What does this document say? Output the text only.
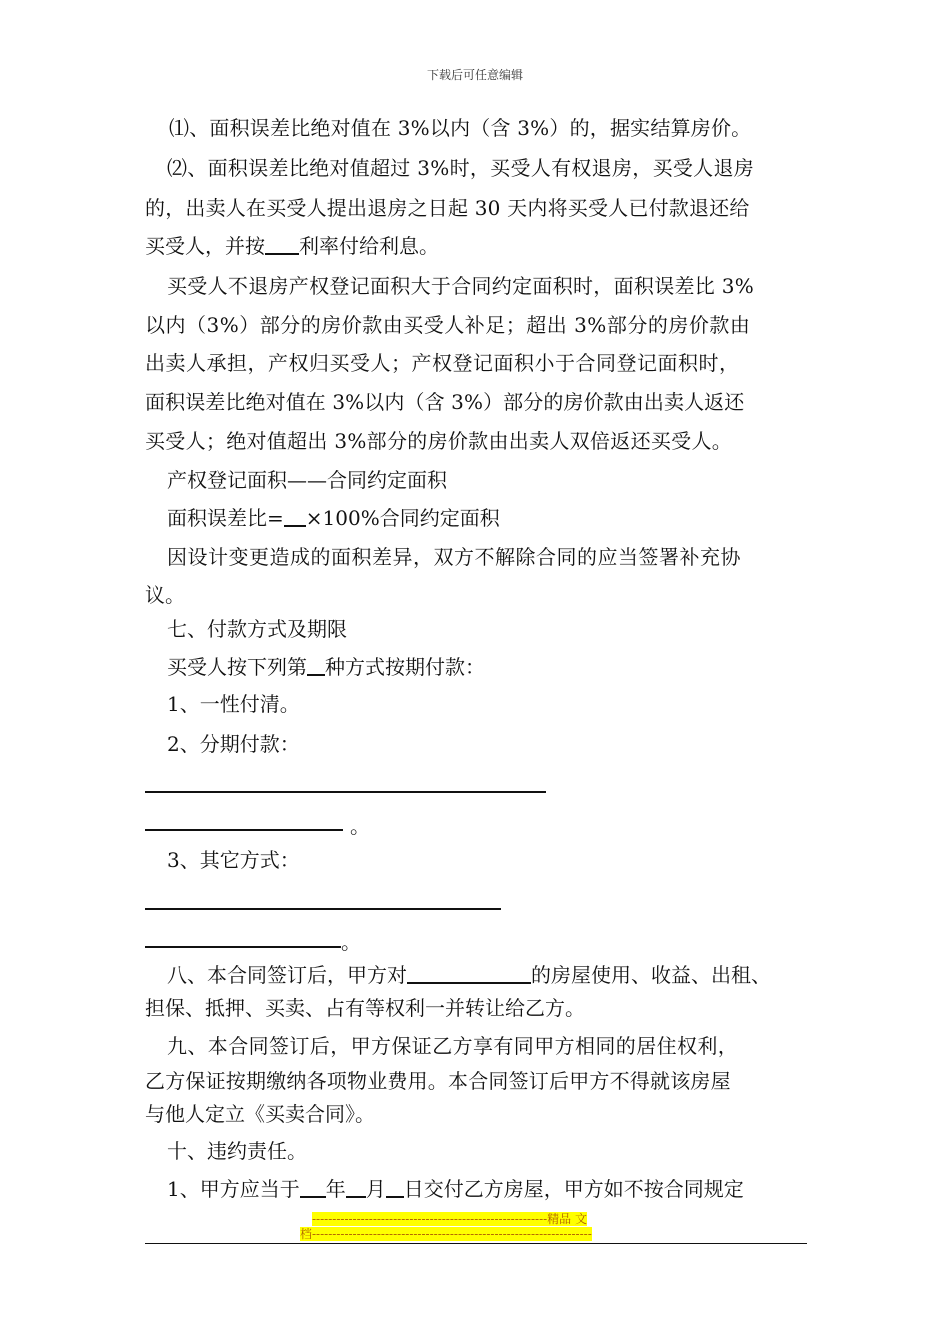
下载后可任意编辑
⑴、面积误差比绝对值在 3%以内（含 3%）的，据实结算房价。
⑵、面积误差比绝对值超过 3%时，买受人有权退房，买受人退房
的，出卖人在买受人提出退房之日起 30 天内将买受人已付款退还给
买受人，并按 利率付给利息。
买受人不退房产权登记面积大于合同约定面积时，面积误差比 3%
以内（3%）部分的房价款由买受人补足；超出 3%部分的房价款由
出卖人承担，产权归买受人；产权登记面积小于合同登记面积时，
面积误差比绝对值在 3%以内（含 3%）部分的房价款由出卖人返还
买受人；绝对值超出 3%部分的房价款由出卖人双倍返还买受人。
产权登记面积——合同约定面积
面积误差比= ×100%合同约定面积
因设计变更造成的面积差异，双方不解除合同的应当签署补充协
议。
七、付款方式及期限
买受人按下列第 种方式按期付款：
1、一性付清。
2、分期付款：
。
3、其它方式：
。
八、本合同签订后，甲方对	的房屋使用、收益、出租、
担保、抵押、买卖、占有等权利一并转让给乙方。
九、本合同签订后，甲方保证乙方享有同甲方相同的居住权利，
乙方保证按期缴纳各项物业费用。本合同签订后甲方不得就该房屋
与他人定立《买卖合同》。
十、违约责任。
1、甲方应当于 年 月 日交付乙方房屋，甲方如不按合同规定
----------------------------------------------------------精品 文
档---------------------------------------------------------------------
